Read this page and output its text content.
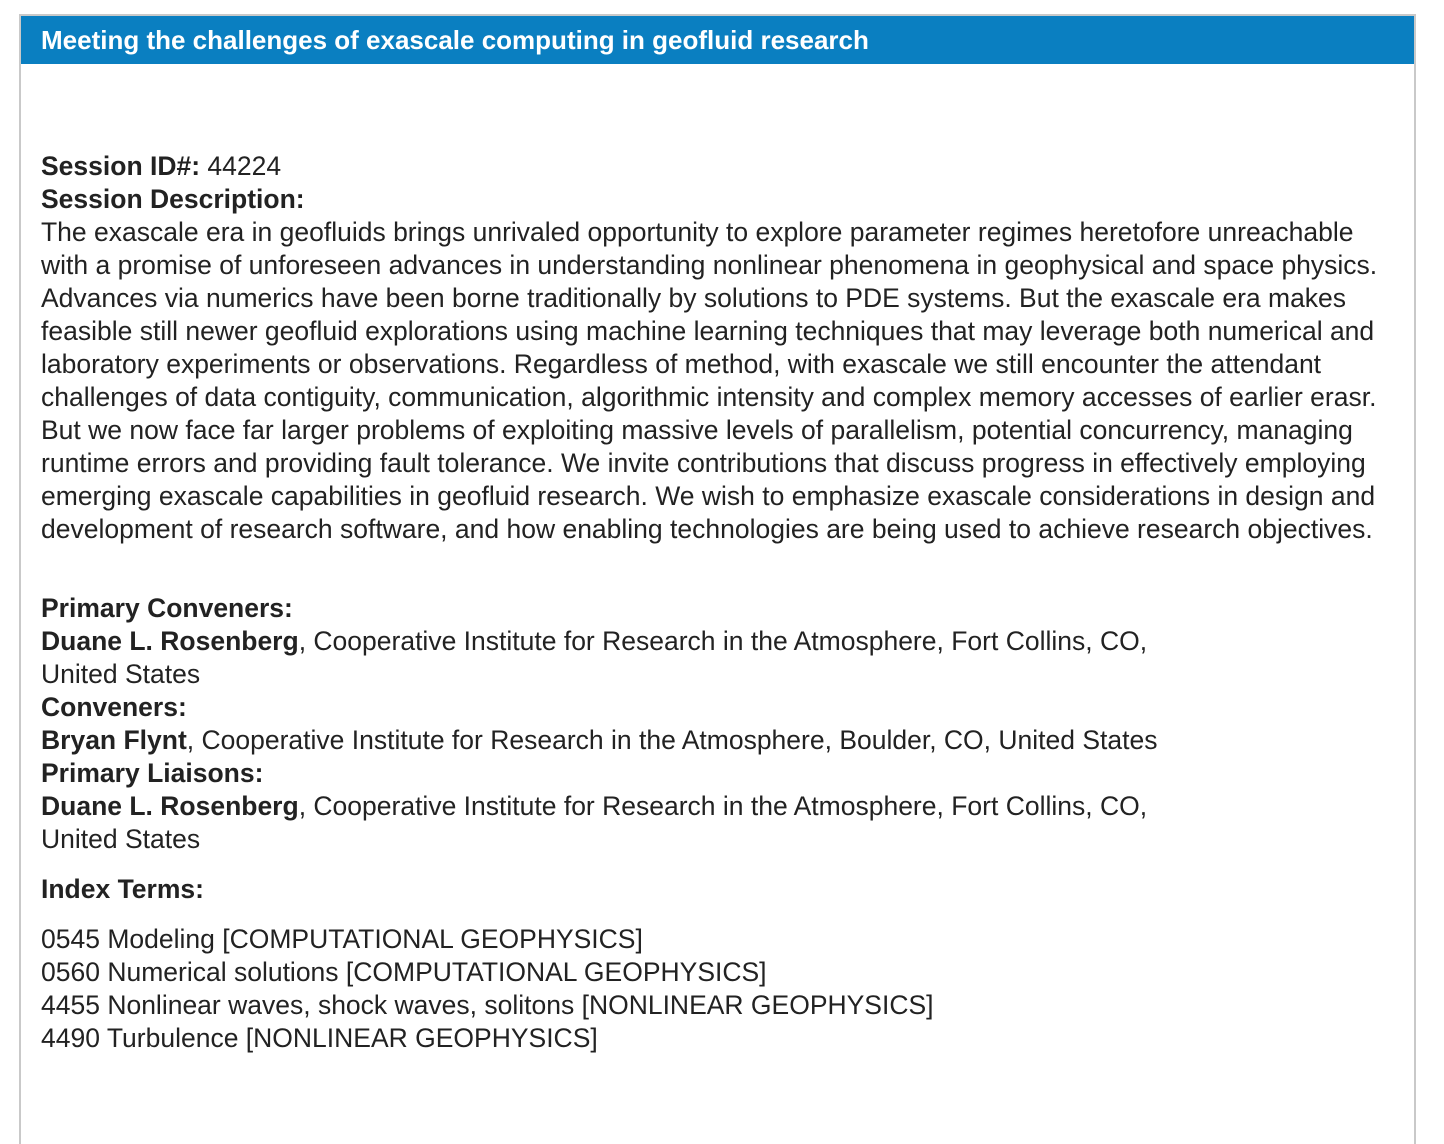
Meeting the challenges of exascale computing in geofluid research
Session ID#: 44224
Session Description:

The exascale era in geofluids brings unrivaled opportunity to explore parameter regimes heretofore unreachable with a promise of unforeseen advances in understanding nonlinear phenomena in geophysical and space physics. Advances via numerics have been borne traditionally by solutions to PDE systems. But the exascale era makes feasible still newer geofluid explorations using machine learning techniques that may leverage both numerical and laboratory experiments or observations. Regardless of method, with exascale we still encounter the attendant challenges of data contiguity, communication, algorithmic intensity and complex memory accesses of earlier erasr. But we now face far larger problems of exploiting massive levels of parallelism, potential concurrency, managing runtime errors and providing fault tolerance. We invite contributions that discuss progress in effectively employing emerging exascale capabilities in geofluid research. We wish to emphasize exascale considerations in design and development of research software, and how enabling technologies are being used to achieve research objectives.

Primary Conveners:
Duane L. Rosenberg, Cooperative Institute for Research in the Atmosphere, Fort Collins, CO,
United States
Conveners:
Bryan Flynt, Cooperative Institute for Research in the Atmosphere, Boulder, CO, United States
Primary Liaisons:
Duane L. Rosenberg, Cooperative Institute for Research in the Atmosphere, Fort Collins, CO,
United States
Index Terms:
0545 Modeling [COMPUTATIONAL GEOPHYSICS]
0560 Numerical solutions [COMPUTATIONAL GEOPHYSICS]
4455 Nonlinear waves, shock waves, solitons [NONLINEAR GEOPHYSICS]
4490 Turbulence [NONLINEAR GEOPHYSICS]
